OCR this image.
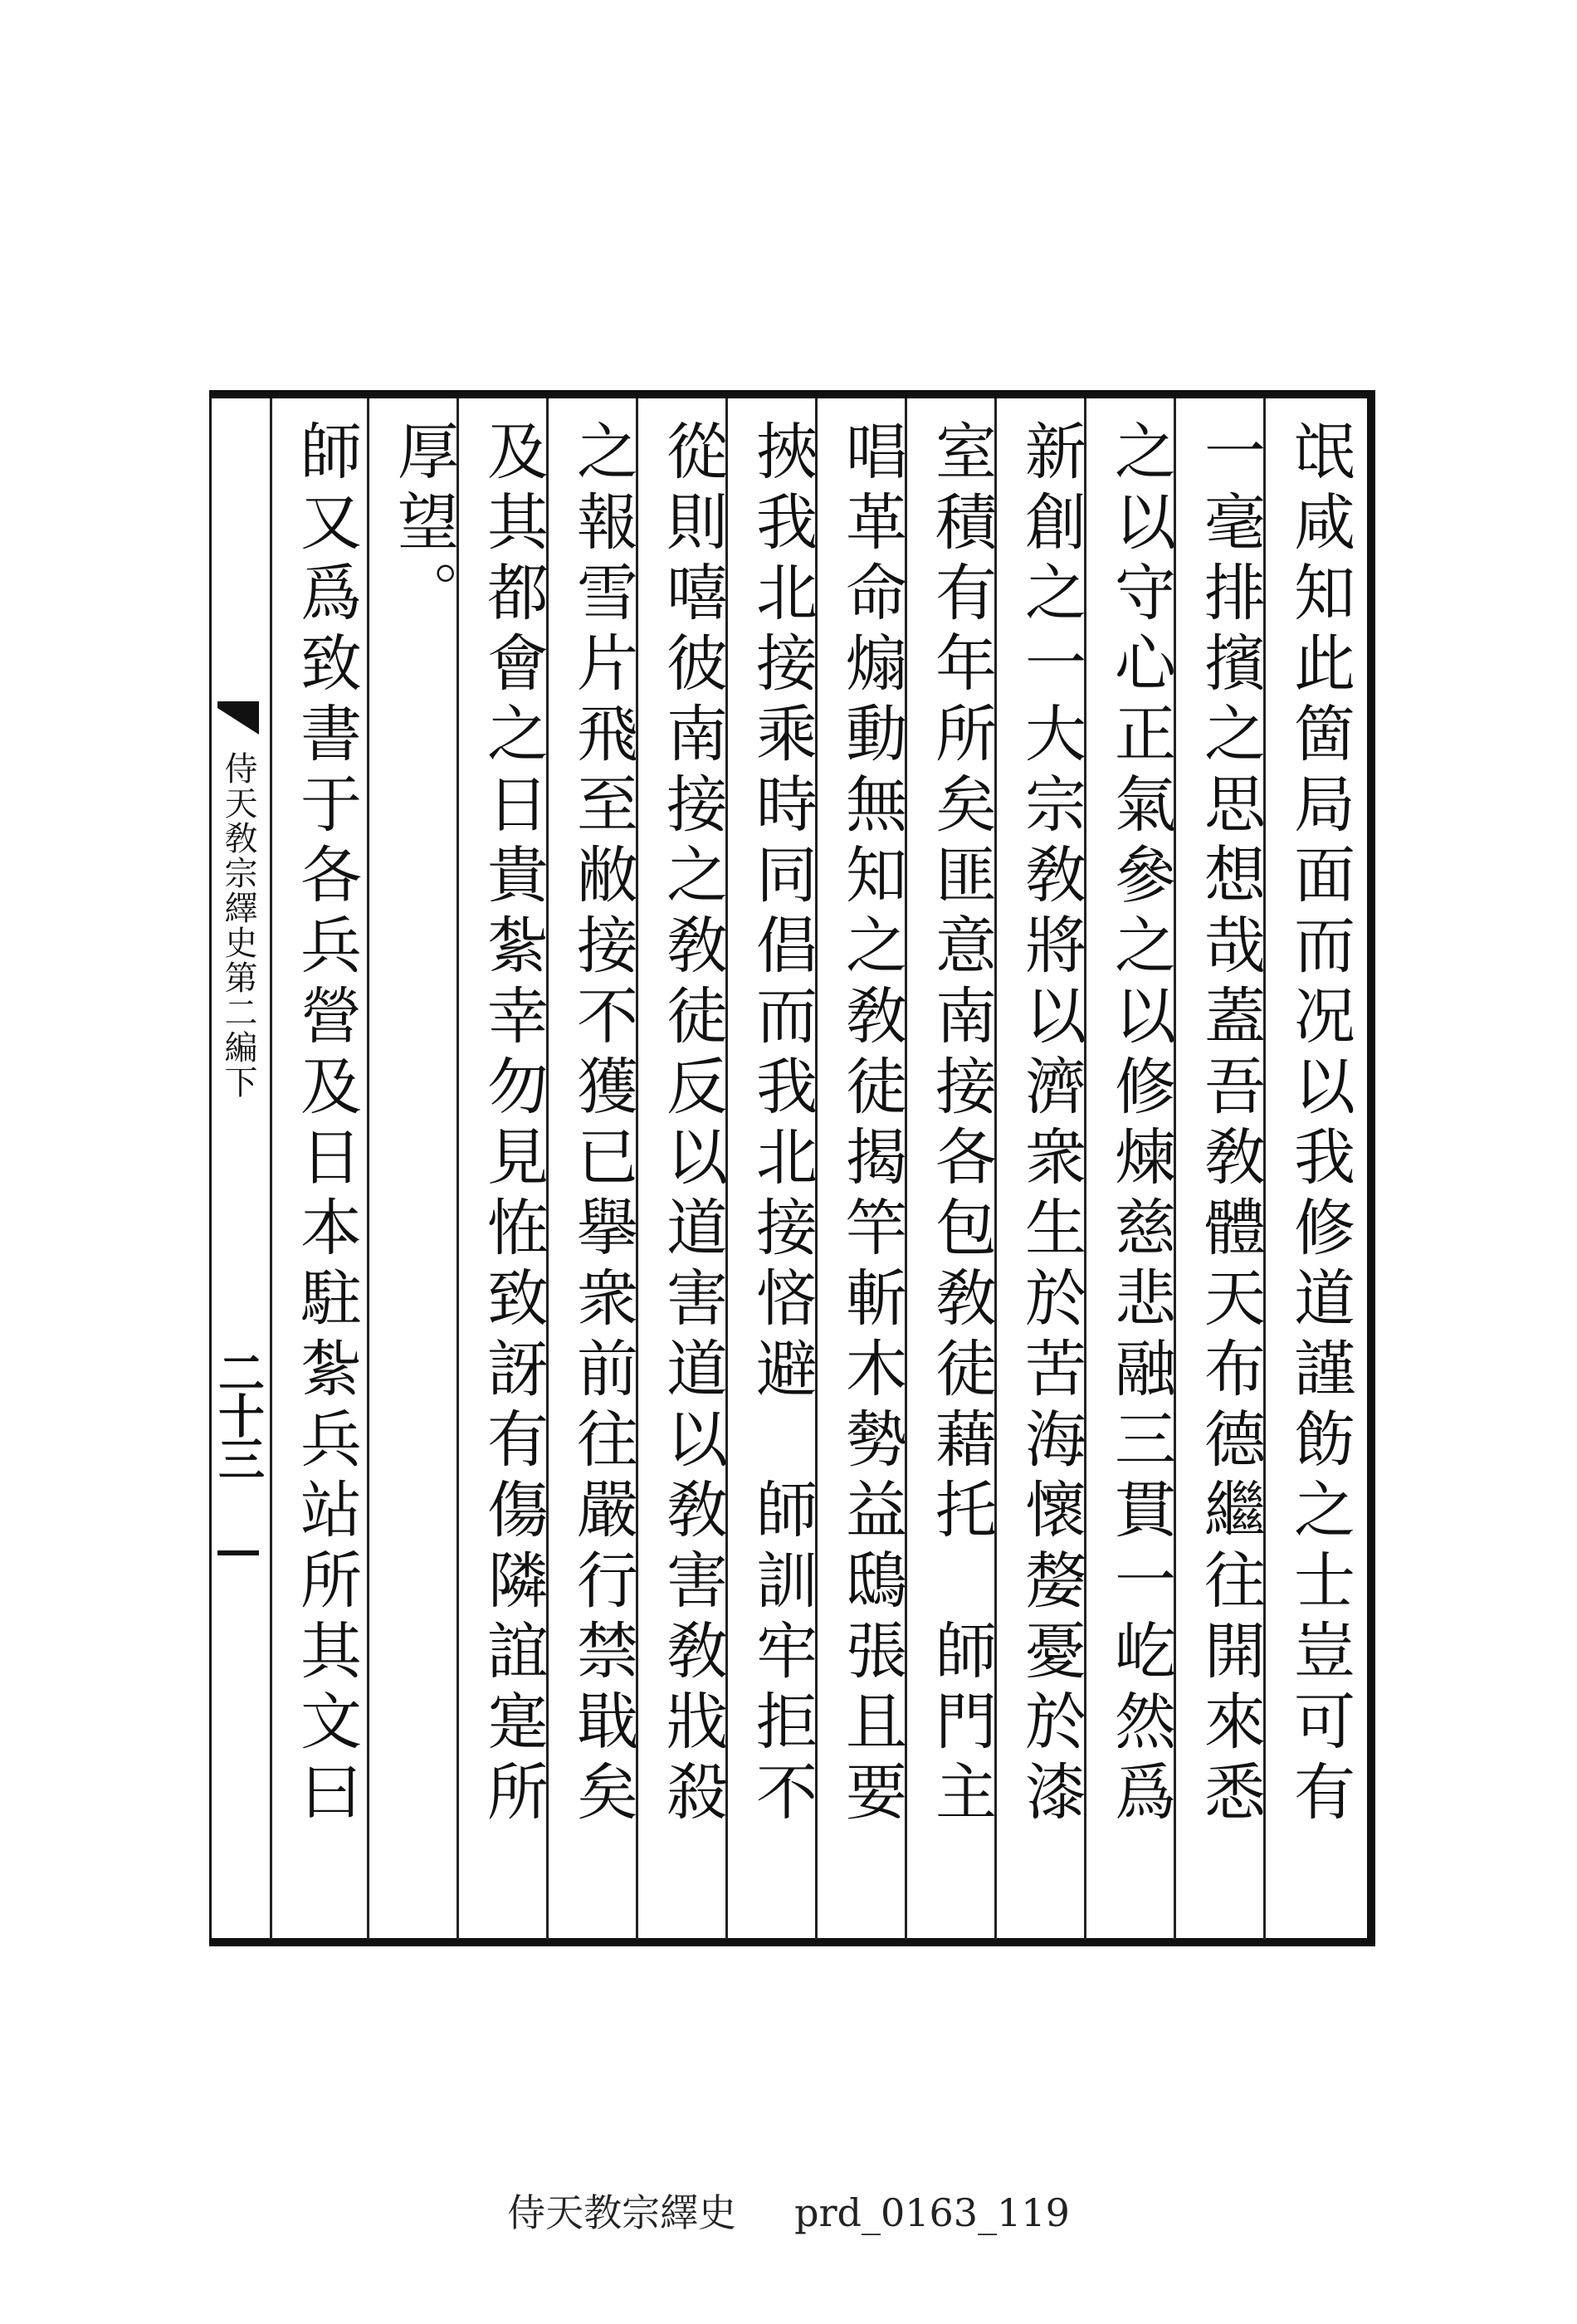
氓咸知此箇局面而况以我修道謹飭之士豈可有
一毫排擯之思想哉蓋吾敎體天布德繼往開來悉
之以守心正氣參之以修煉慈悲融三貫一屹然爲
新創之一大宗敎將以濟衆生於苦海懷嫠憂於漆
室積有年所矣匪意南接各包敎徒藉托　師門主
唱革命煽動無知之敎徒揭竿斬木勢益鴟張且要
挾我北接乘時同倡而我北接悋避　師訓牢拒不
從則嘻彼南接之敎徒反以道害道以敎害敎戕殺
之報雪片飛至敝接不獲已擧衆前往嚴行禁戢矣
及其都會之日貴紮幸勿見恠致訝有傷隣誼寔所
厚望。
師又爲致書于各兵營及日本駐紮兵站所其文曰
侍天敎宗繹史第二編下
二十三
侍天教宗繹史 prd_0163_119
